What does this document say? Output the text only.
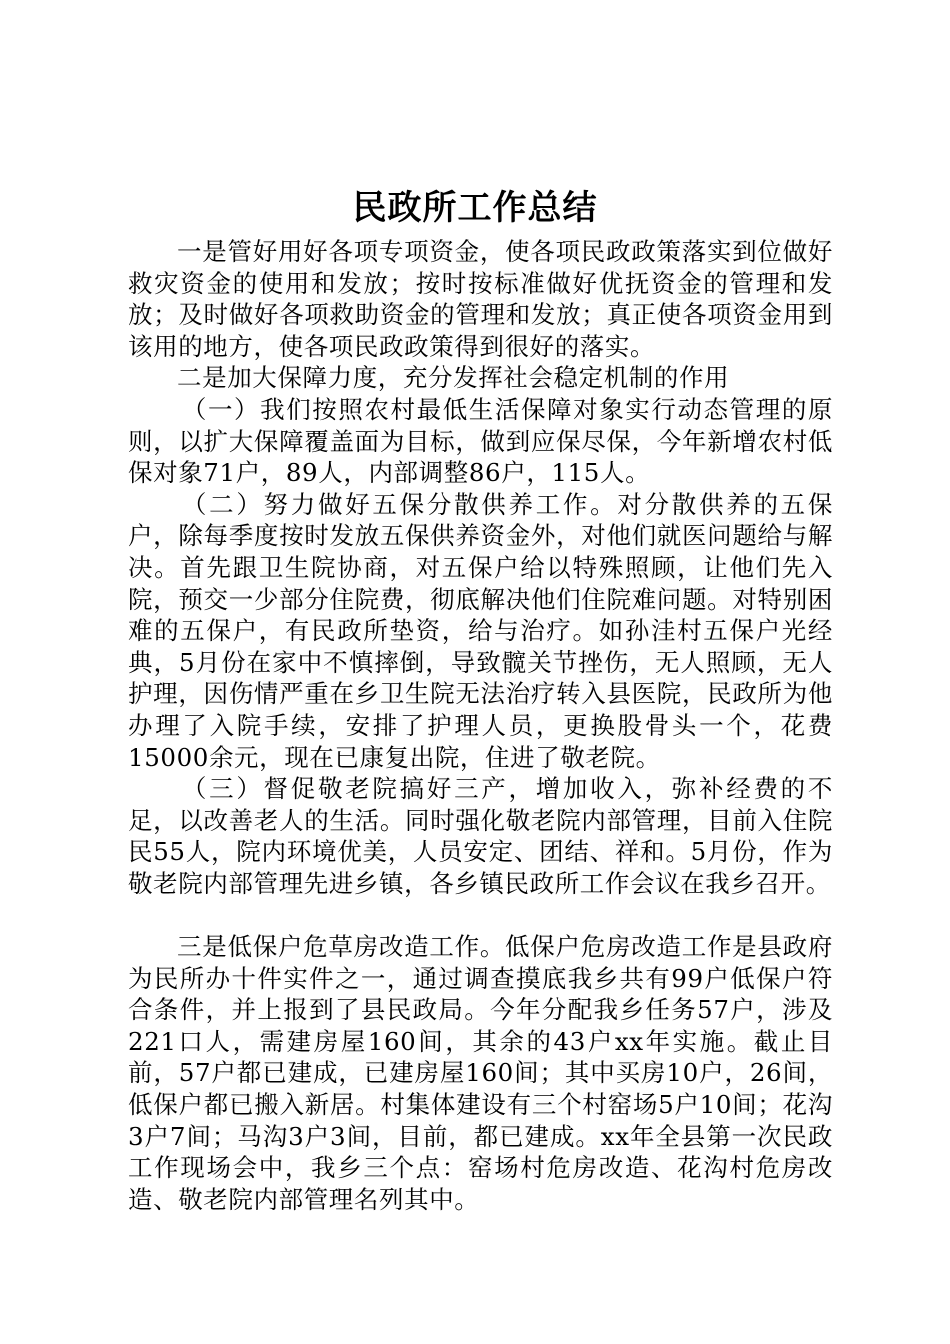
民政所工作总结

一是管好用好各项专项资金，使各项民政政策落实到位做好救灾资金的使用和发放；按时按标准做好优抚资金的管理和发放；及时做好各项救助资金的管理和发放；真正使各项资金用到该用的地方，使各项民政政策得到很好的落实。

二是加大保障力度，充分发挥社会稳定机制的作用

（一）我们按照农村最低生活保障对象实行动态管理的原则，以扩大保障覆盖面为目标，做到应保尽保，今年新增农村低保对象71户，89人，内部调整86户，115人。

（二）努力做好五保分散供养工作。对分散供养的五保户，除每季度按时发放五保供养资金外，对他们就医问题给与解决。首先跟卫生院协商，对五保户给以特殊照顾，让他们先入院，预交一少部分住院费，彻底解决他们住院难问题。对特别困难的五保户，有民政所垫资，给与治疗。如孙洼村五保户光经典，5月份在家中不慎摔倒，导致髋关节挫伤，无人照顾，无人护理，因伤情严重在乡卫生院无法治疗转入县医院，民政所为他办理了入院手续，安排了护理人员，更换股骨头一个，花费15000余元，现在已康复出院，住进了敬老院。

（三）督促敬老院搞好三产，增加收入，弥补经费的不足，以改善老人的生活。同时强化敬老院内部管理，目前入住院民55人，院内环境优美，人员安定、团结、祥和。5月份，作为敬老院内部管理先进乡镇，各乡镇民政所工作会议在我乡召开。

三是低保户危草房改造工作。低保户危房改造工作是县政府为民所办十件实件之一，通过调查摸底我乡共有99户低保户符合条件，并上报到了县民政局。今年分配我乡任务57户，涉及221口人，需建房屋160间，其余的43户xx年实施。截止目前，57户都已建成，已建房屋160间；其中买房10户，26间，低保户都已搬入新居。村集体建设有三个村窑场5户10间；花沟3户7间；马沟3户3间，目前，都已建成。xx年全县第一次民政工作现场会中，我乡三个点：窑场村危房改造、花沟村危房改造、敬老院内部管理名列其中。
